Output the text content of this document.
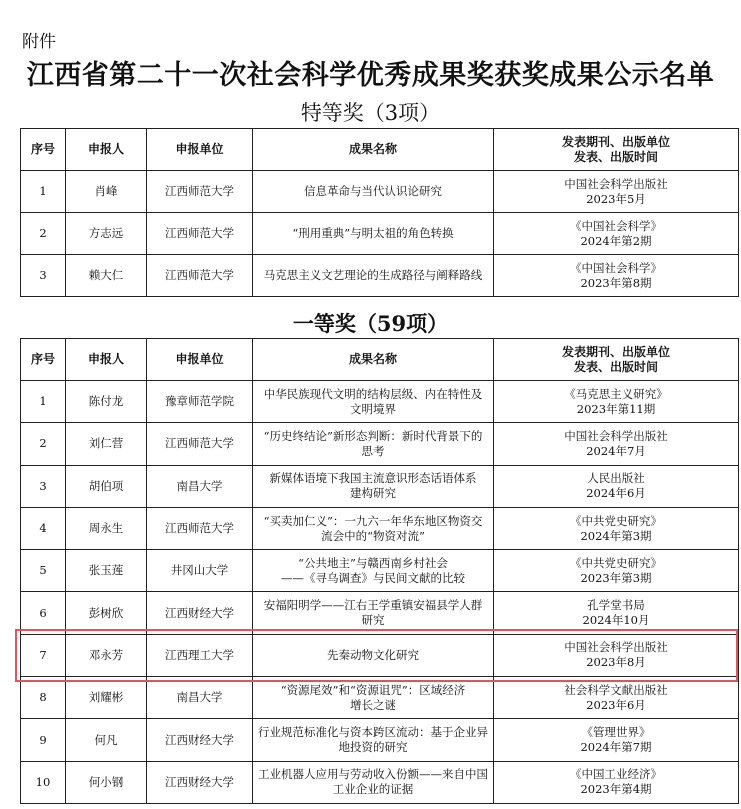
附件
江西省第二十一次社会科学优秀成果奖获奖成果公示名单
特等奖（3项）
序号	申报人	申报单位	成果名称	发表期刊、出版单位
发表、出版时间
1	肖峰	江西师范大学	信息革命与当代认识论研究	中国社会科学出版社
2023年5月
2	方志远	江西师范大学	“刑用重典”与明太祖的角色转换	《中国社会科学》
2024年第2期
3	赖大仁	江西师范大学	马克思主义文艺理论的生成路径与阐释路线	《中国社会科学》
2023年第8期
一等奖（59项）
序号	申报人	申报单位	成果名称	发表期刊、出版单位
发表、出版时间
1	陈付龙	豫章师范学院	中华民族现代文明的结构层级、内在特性及
文明境界	《马克思主义研究》
2023年第11期
2	刘仁营	江西师范大学	“历史终结论”新形态判断：新时代背景下的
思考	中国社会科学出版社
2024年7月
3	胡伯项	南昌大学	新媒体语境下我国主流意识形态话语体系
建构研究	人民出版社
2024年6月
4	周永生	江西师范大学	“买卖加仁义”：一九六一年华东地区物资交
流会中的“物资对流”	《中共党史研究》
2024年第3期
5	张玉莲	井冈山大学	“公共地主”与赣西南乡村社会
——《寻乌调查》与民间文献的比较	《中共党史研究》
2023年第3期
6	彭树欣	江西财经大学	安福阳明学——江右王学重镇安福县学人群
研究	孔学堂书局
2024年10月
7	邓永芳	江西理工大学	先秦动物文化研究	中国社会科学出版社
2023年8月
8	刘耀彬	南昌大学	“资源尾效”和“资源诅咒”：区域经济
增长之谜	社会科学文献出版社
2023年6月
9	何凡	江西财经大学	行业规范标准化与资本跨区流动：基于企业异
地投资的研究	《管理世界》
2024年第7期
10	何小钢	江西财经大学	工业机器人应用与劳动收入份额——来自中国
工业企业的证据	《中国工业经济》
2023年第4期
